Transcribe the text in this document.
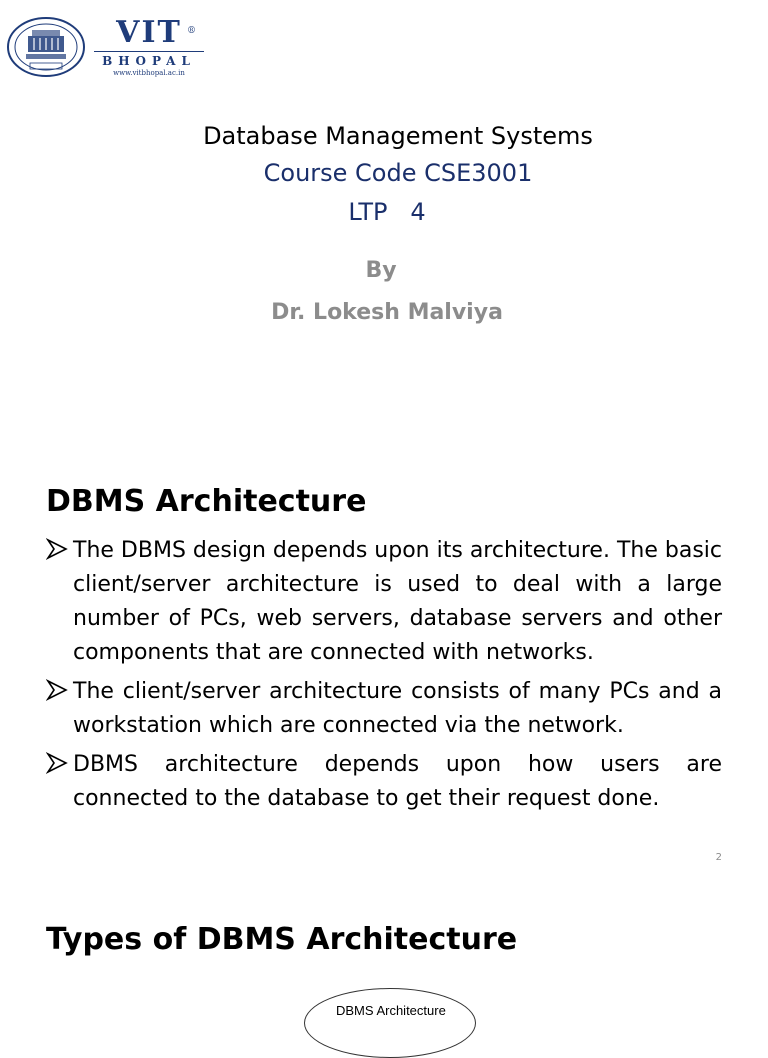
VIT ®
BHOPAL
www.vitbhopal.ac.in
Database Management Systems
Course Code CSE3001
LTP   4
By
Dr. Lokesh Malviya
DBMS Architecture
The DBMS design depends upon its architecture. The basic client/server architecture is used to deal with a large number of PCs, web servers, database servers and other components that are connected with networks.
The client/server architecture consists of many PCs and a workstation which are connected via the network.
DBMS architecture depends upon how users are connected to the database to get their request done.
2
Types of DBMS Architecture
DBMS Architecture
